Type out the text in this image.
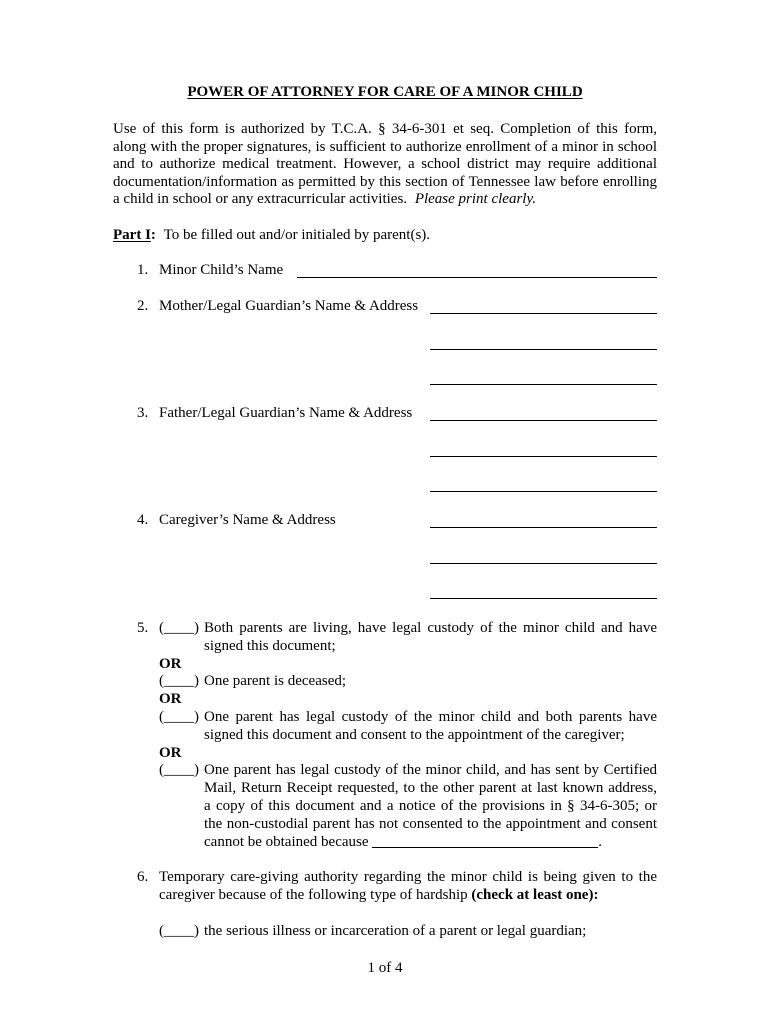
POWER OF ATTORNEY FOR CARE OF A MINOR CHILD
Use of this form is authorized by T.C.A. § 34-6-301 et seq. Completion of this form,
along with the proper signatures, is sufficient to authorize enrollment of a minor in school
and to authorize medical treatment. However, a school district may require additional
documentation/information as permitted by this section of Tennessee law before enrolling
a child in school or any extracurricular activities. Please print clearly.
Part I: To be filled out and/or initialed by parent(s).
1. Minor Child’s Name
2. Mother/Legal Guardian’s Name & Address
3. Father/Legal Guardian’s Name & Address
4. Caregiver’s Name & Address
5. (____) Both parents are living, have legal custody of the minor child and have
signed this document;
OR
(____) One parent is deceased;
OR
(____) One parent has legal custody of the minor child and both parents have
signed this document and consent to the appointment of the caregiver;
OR
(____) One parent has legal custody of the minor child, and has sent by Certified
Mail, Return Receipt requested, to the other parent at last known address,
a copy of this document and a notice of the provisions in § 34-6-305; or
the non-custodial parent has not consented to the appointment and consent
cannot be obtained because	.
6. Temporary care-giving authority regarding the minor child is being given to the
caregiver because of the following type of hardship (check at least one):
(____) the serious illness or incarceration of a parent or legal guardian;
1 of 4
